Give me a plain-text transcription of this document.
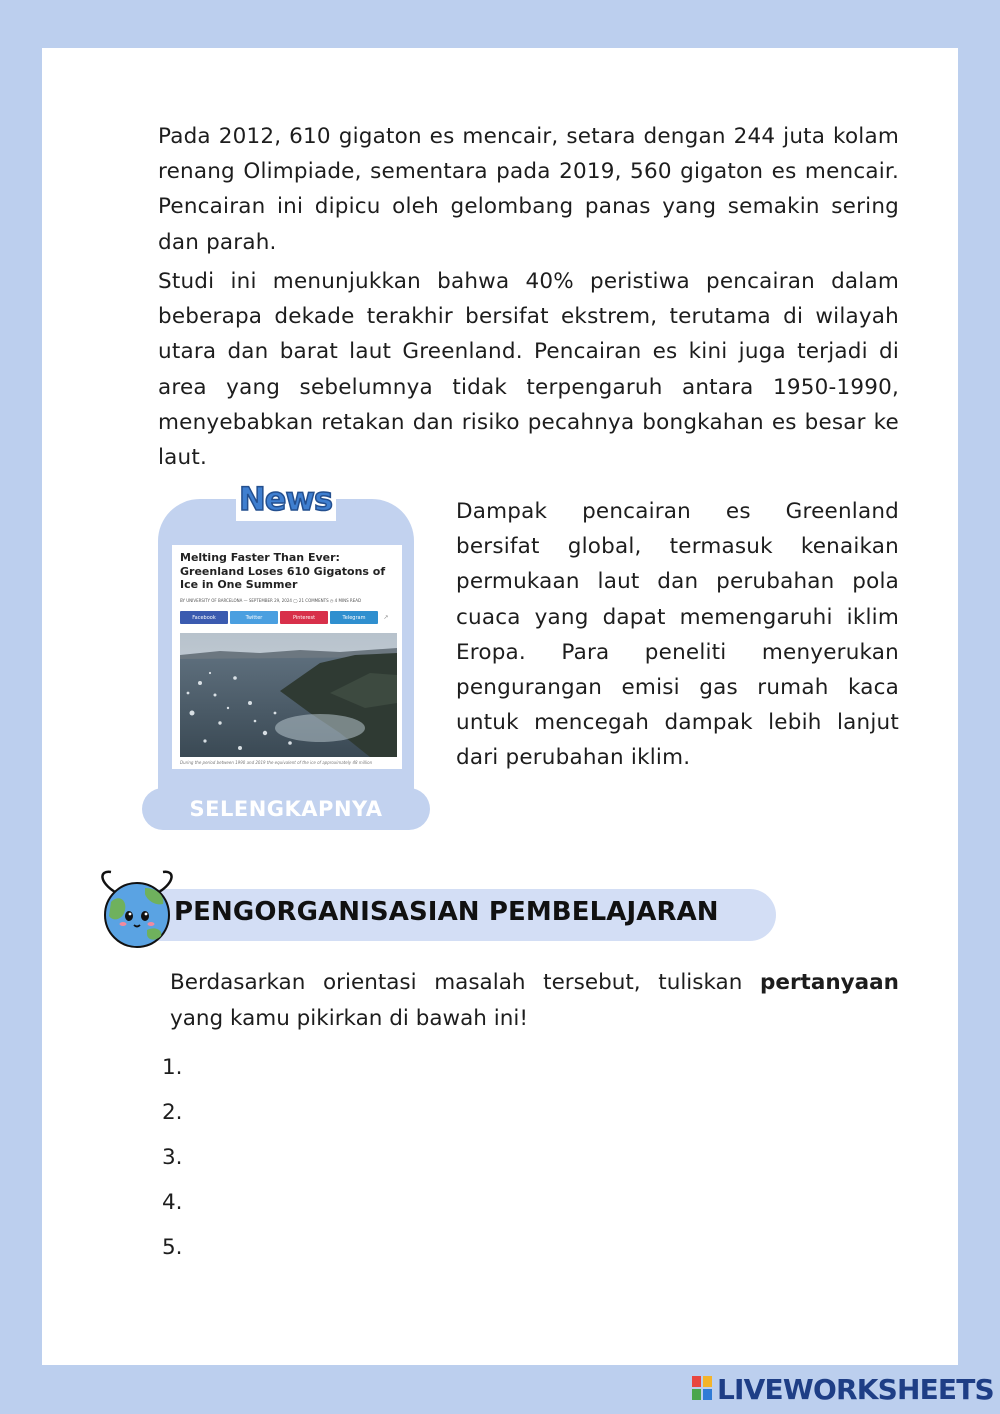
Pada 2012, 610 gigaton es mencair, setara dengan 244 juta kolam renang Olimpiade, sementara pada 2019, 560 gigaton es mencair. Pencairan ini dipicu oleh gelombang panas yang semakin sering dan parah.

Studi ini menunjukkan bahwa 40% peristiwa pencairan dalam beberapa dekade terakhir bersifat ekstrem, terutama di wilayah utara dan barat laut Greenland. Pencairan es kini juga terjadi di area yang sebelumnya tidak terpengaruh antara 1950-1990, menyebabkan retakan dan risiko pecahnya bongkahan es besar ke laut.

News
Melting Faster Than Ever: Greenland Loses 610 Gigatons of Ice in One Summer
BY UNIVERSITY OF BARCELONA — SEPTEMBER 29, 2024 ◯ 21 COMMENTS ◷ 4 MINS READ
Facebook	Twitter	Pinterest	Telegram	↗
During the period between 1990 and 2019 the equivalent of the ice of approximately 48 million
SELENGKAPNYA

Dampak pencairan es Greenland bersifat global, termasuk kenaikan permukaan laut dan perubahan pola cuaca yang dapat memengaruhi iklim Eropa. Para peneliti menyerukan pengurangan emisi gas rumah kaca untuk mencegah dampak lebih lanjut dari perubahan iklim.

PENGORGANISASIAN PEMBELAJARAN

Berdasarkan orientasi masalah tersebut, tuliskan pertanyaan yang kamu pikirkan di bawah ini!

1.
2.
3.
4.
5.
LIVEWORKSHEETS
